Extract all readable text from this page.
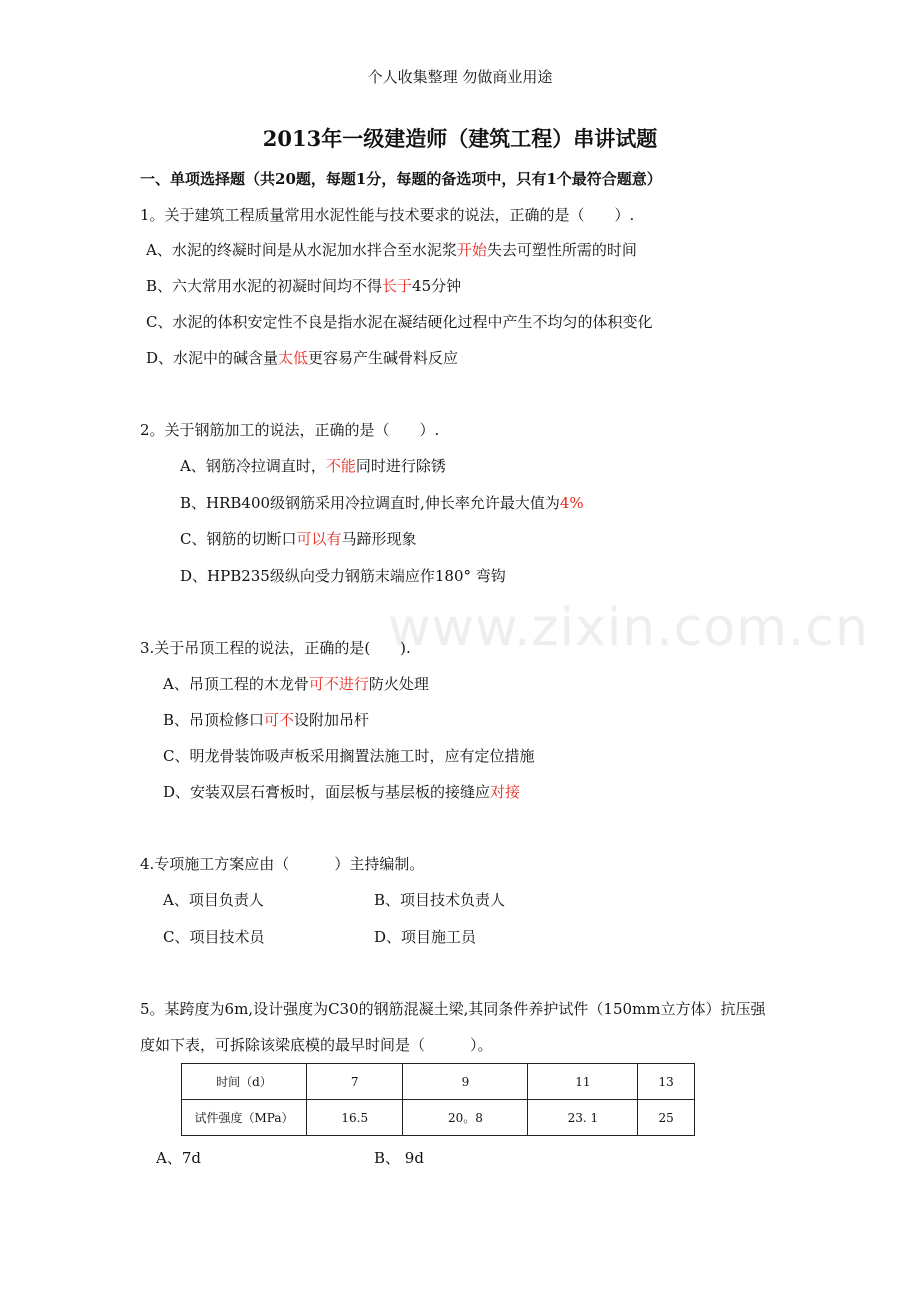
个人收集整理 勿做商业用途
2013年一级建造师（建筑工程）串讲试题
一、单项选择题（共20题，每题1分，每题的备选项中，只有1个最符合题意）
www.zixin.com.cn
1。关于建筑工程质量常用水泥性能与技术要求的说法，正确的是（　　）.
A、水泥的终凝时间是从水泥加水拌合至水泥浆开始失去可塑性所需的时间
B、六大常用水泥的初凝时间均不得长于45分钟
C、水泥的体积安定性不良是指水泥在凝结硬化过程中产生不均匀的体积变化
D、水泥中的碱含量太低更容易产生碱骨料反应
2。关于钢筋加工的说法，正确的是（　　）.
A、钢筋冷拉调直时，不能同时进行除锈
B、HRB400级钢筋采用冷拉调直时,伸长率允许最大值为4%
C、钢筋的切断口可以有马蹄形现象
D、HPB235级纵向受力钢筋末端应作180° 弯钩
3.关于吊顶工程的说法，正确的是(　　).
A、吊顶工程的木龙骨可不进行防火处理
B、吊顶检修口可不设附加吊杆
C、明龙骨装饰吸声板采用搁置法施工时，应有定位措施
D、安装双层石膏板时，面层板与基层板的接缝应对接
4.专项施工方案应由（　　　）主持编制。
A、项目负责人	B、项目技术负责人
C、项目技术员	D、项目施工员
5。某跨度为6m,设计强度为C30的钢筋混凝土梁,其同条件养护试件（150mm立方体）抗压强
度如下表，可拆除该梁底模的最早时间是（　　　）。
时间（d）	7	9	11	13
试件强度（MPa）	16.5	20。8	23. 1	25
A、7d	B、 9d
